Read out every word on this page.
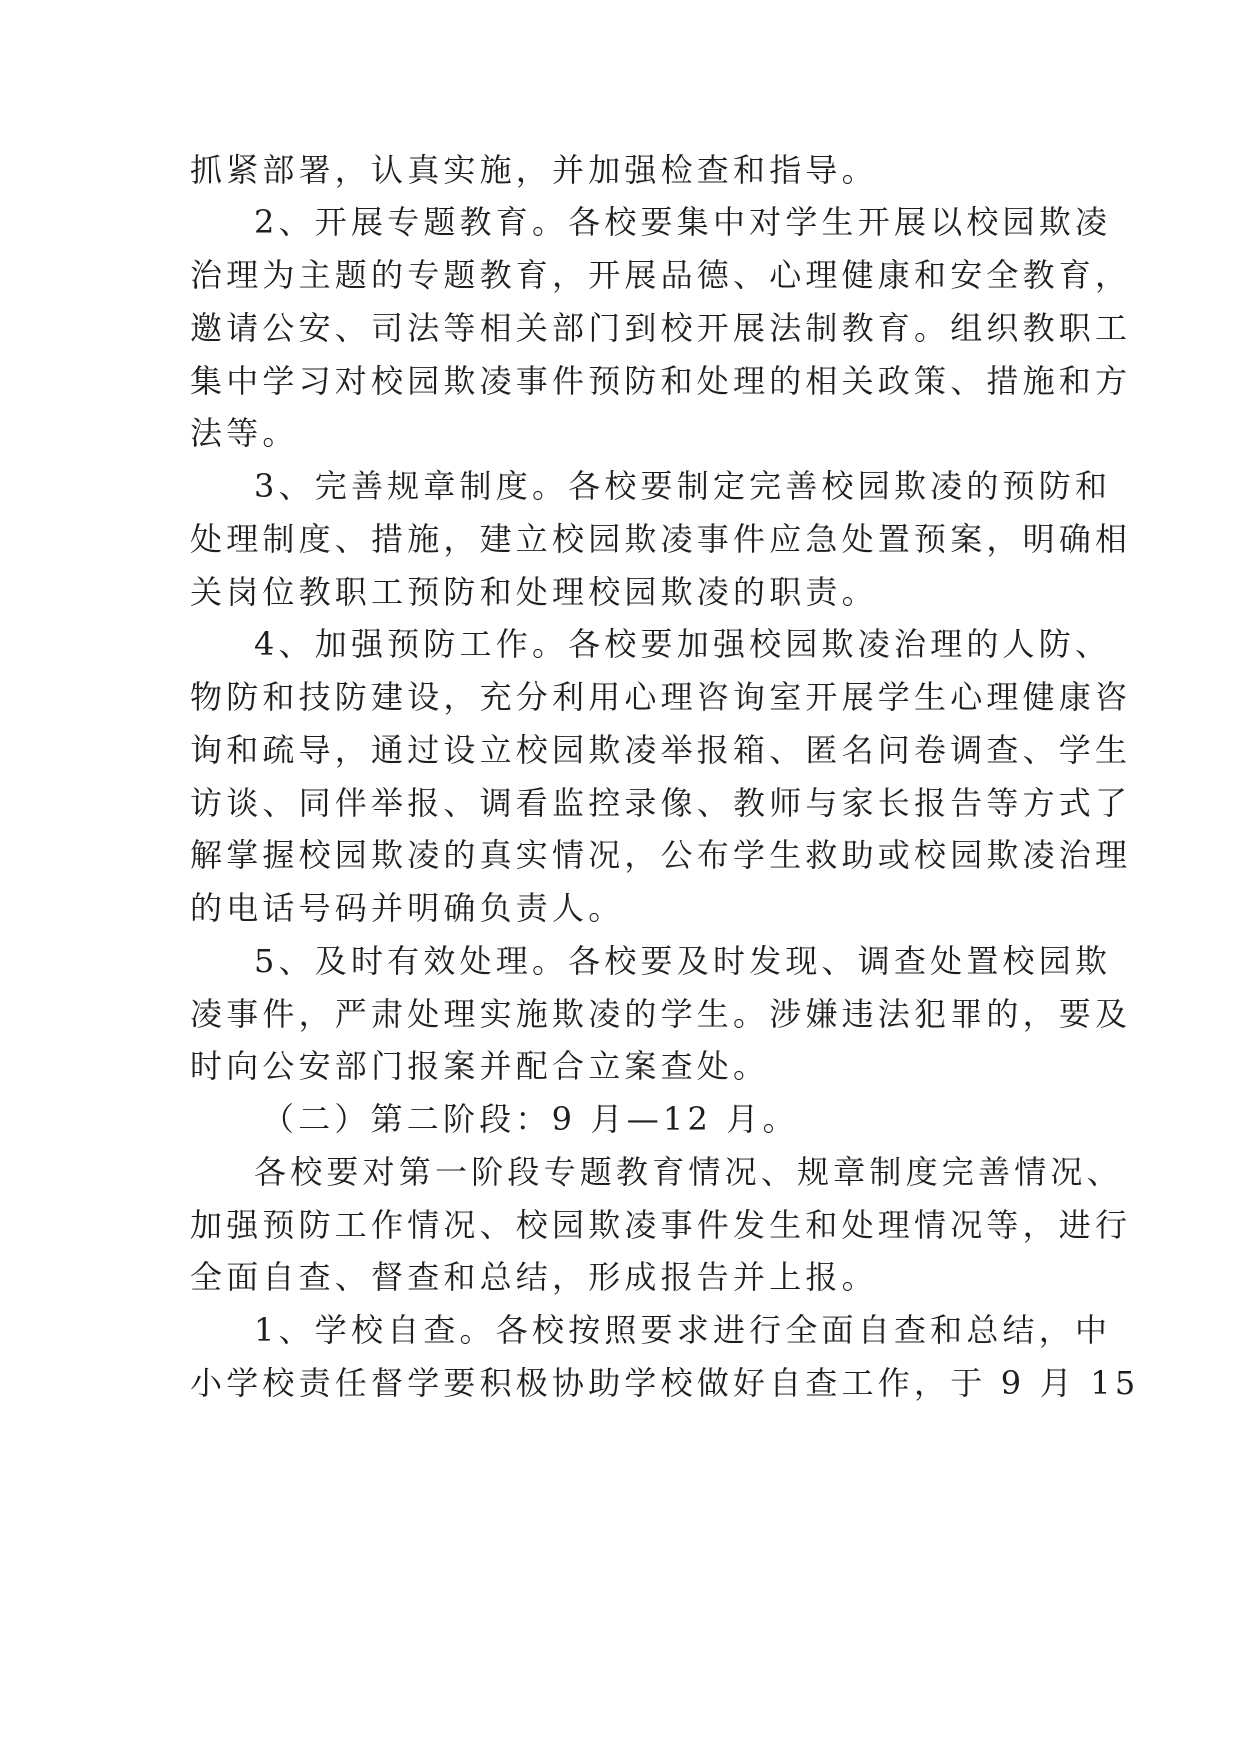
抓紧部署，认真实施，并加强检查和指导。
2、开展专题教育。各校要集中对学生开展以校园欺凌
治理为主题的专题教育，开展品德、心理健康和安全教育，
邀请公安、司法等相关部门到校开展法制教育。组织教职工
集中学习对校园欺凌事件预防和处理的相关政策、措施和方
法等。
3、完善规章制度。各校要制定完善校园欺凌的预防和
处理制度、措施，建立校园欺凌事件应急处置预案，明确相
关岗位教职工预防和处理校园欺凌的职责。
4、加强预防工作。各校要加强校园欺凌治理的人防、
物防和技防建设，充分利用心理咨询室开展学生心理健康咨
询和疏导，通过设立校园欺凌举报箱、匿名问卷调查、学生
访谈、同伴举报、调看监控录像、教师与家长报告等方式了
解掌握校园欺凌的真实情况，公布学生救助或校园欺凌治理
的电话号码并明确负责人。
5、及时有效处理。各校要及时发现、调查处置校园欺
凌事件，严肃处理实施欺凌的学生。涉嫌违法犯罪的，要及
时向公安部门报案并配合立案查处。
（二）第二阶段：9 月—12 月。
各校要对第一阶段专题教育情况、规章制度完善情况、
加强预防工作情况、校园欺凌事件发生和处理情况等，进行
全面自查、督查和总结，形成报告并上报。
1、学校自查。各校按照要求进行全面自查和总结，中
小学校责任督学要积极协助学校做好自查工作，于 9 月 15
